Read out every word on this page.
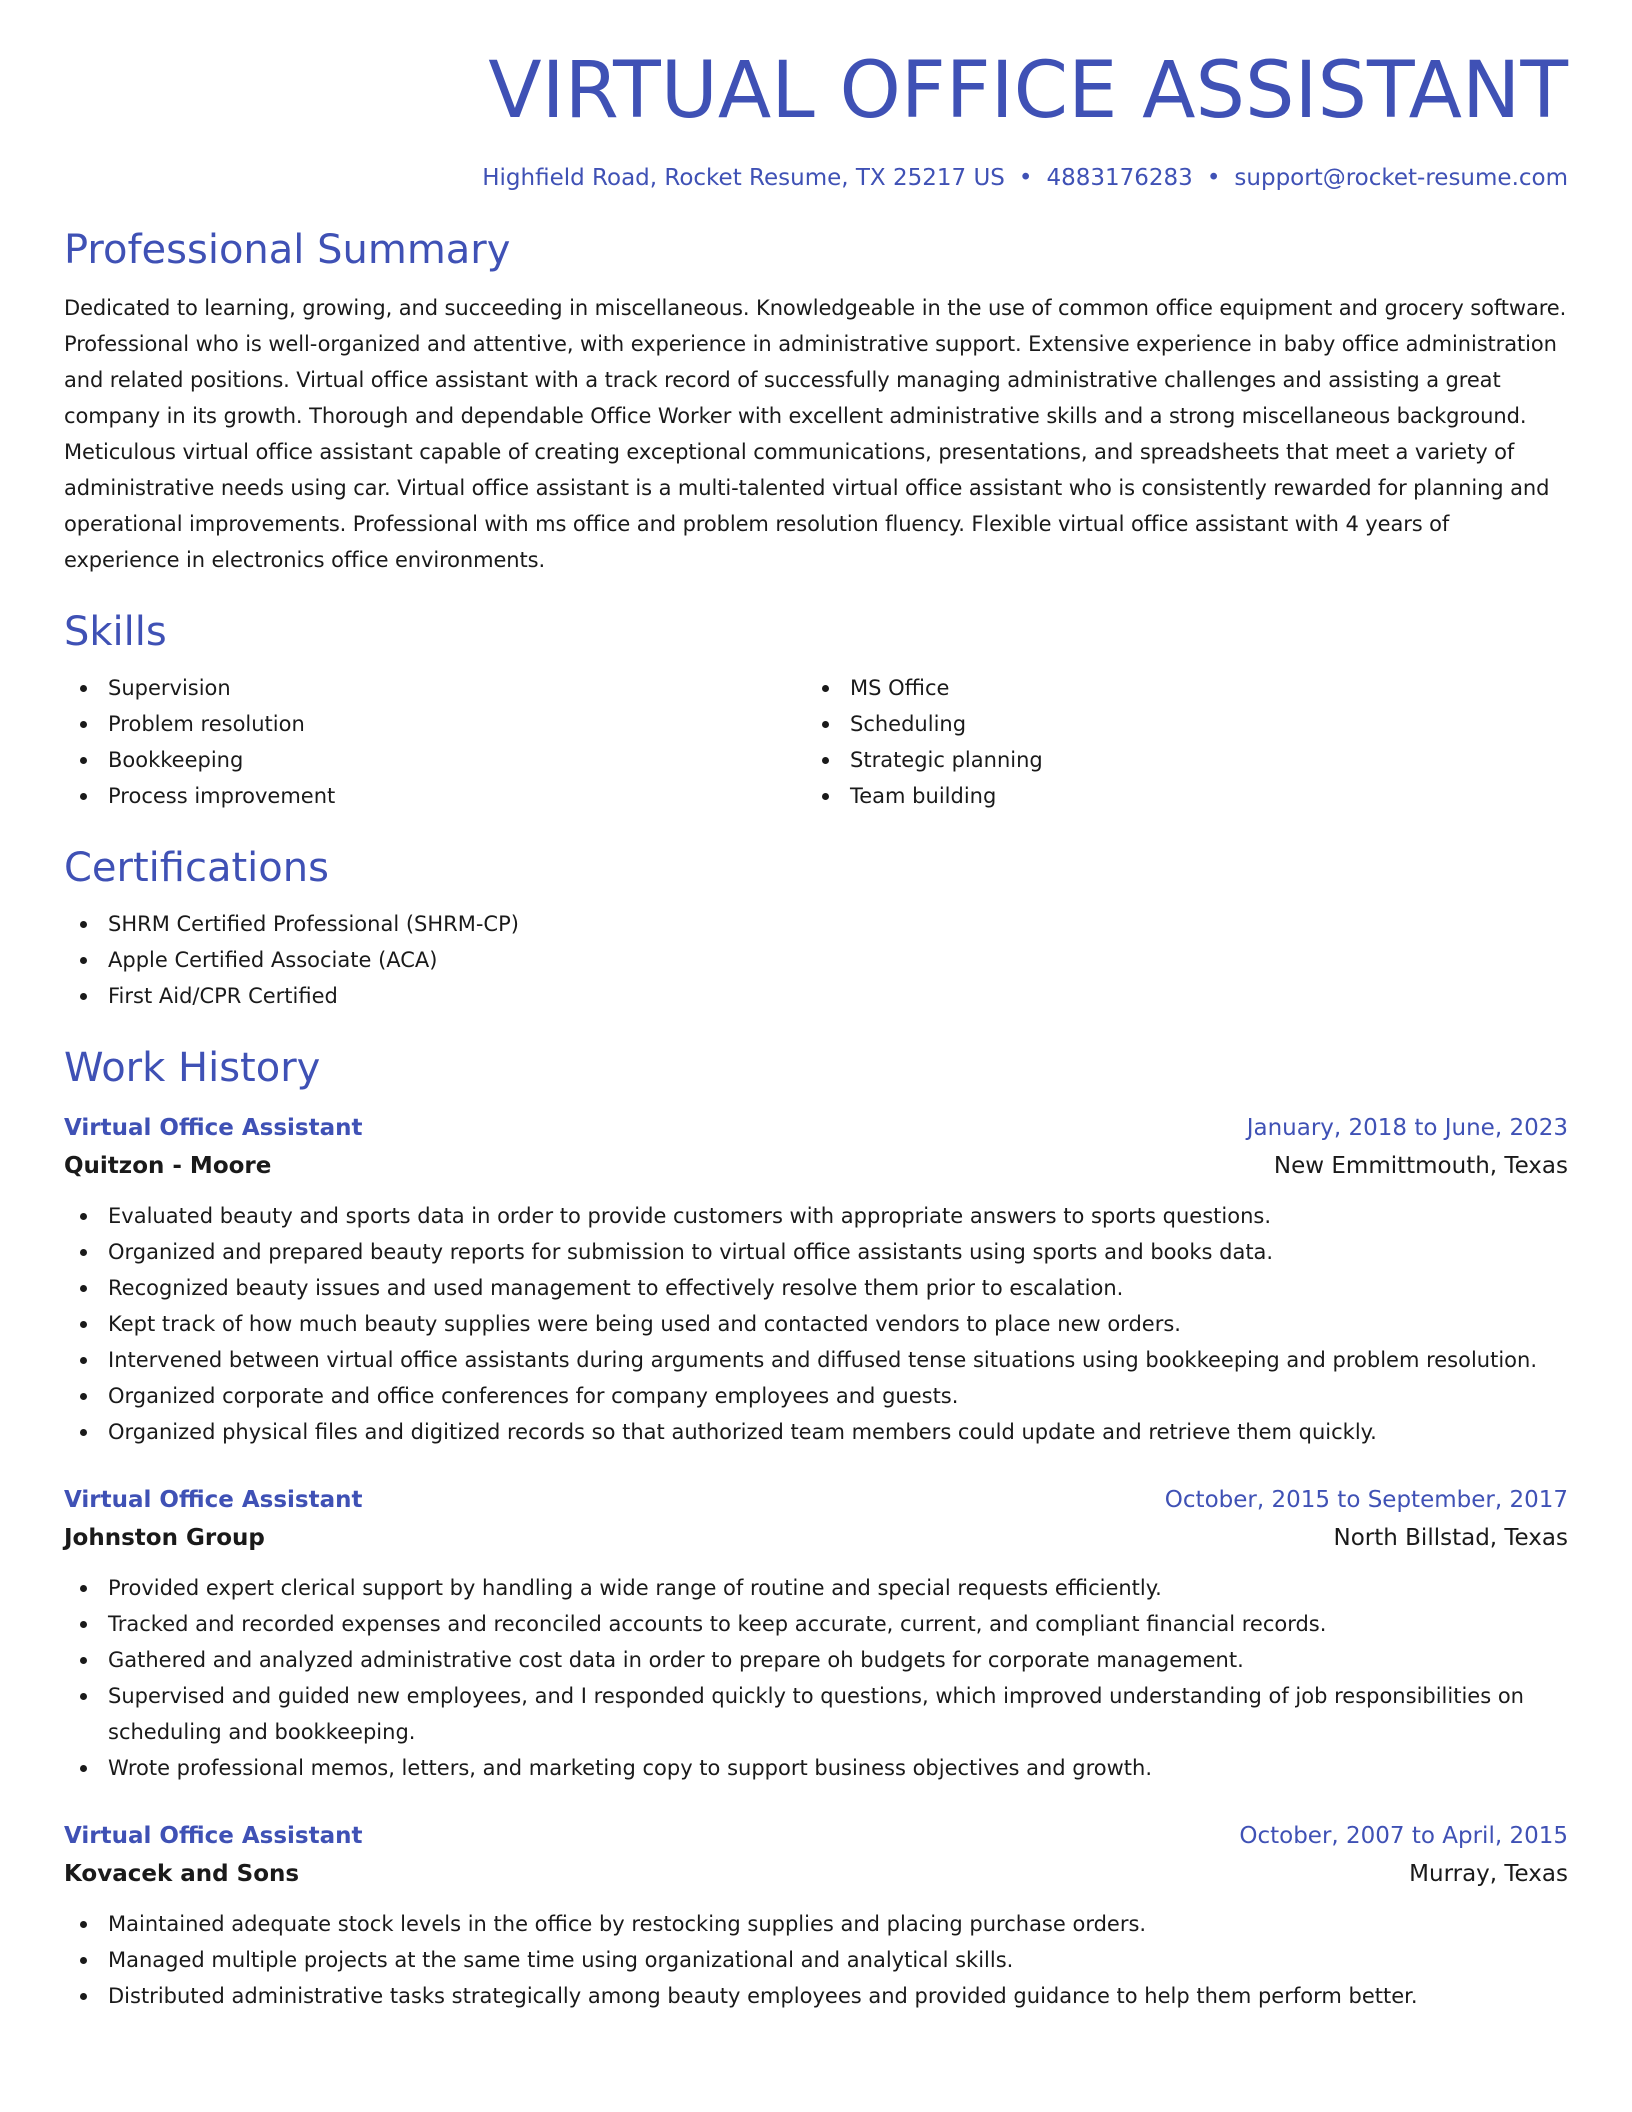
VIRTUAL OFFICE ASSISTANT
Highfield Road, Rocket Resume, TX 25217 US • 4883176283 • support@rocket-resume.com
Professional Summary

Dedicated to learning, growing, and succeeding in miscellaneous. Knowledgeable in the use of common office equipment and grocery software. Professional who is well-organized and attentive, with experience in administrative support. Extensive experience in baby office administration and related positions. Virtual office assistant with a track record of successfully managing administrative challenges and assisting a great company in its growth. Thorough and dependable Office Worker with excellent administrative skills and a strong miscellaneous background. Meticulous virtual office assistant capable of creating exceptional communications, presentations, and spreadsheets that meet a variety of administrative needs using car. Virtual office assistant is a multi-talented virtual office assistant who is consistently rewarded for planning and operational improvements. Professional with ms office and problem resolution fluency. Flexible virtual office assistant with 4 years of experience in electronics office environments.

Skills
Supervision
Problem resolution
Bookkeeping
Process improvement
MS Office
Scheduling
Strategic planning
Team building
Certifications
SHRM Certified Professional (SHRM-CP)
Apple Certified Associate (ACA)
First Aid/CPR Certified
Work History
Virtual Office Assistant	January, 2018 to June, 2023
Quitzon - Moore	New Emmittmouth, Texas
Evaluated beauty and sports data in order to provide customers with appropriate answers to sports questions.
Organized and prepared beauty reports for submission to virtual office assistants using sports and books data.
Recognized beauty issues and used management to effectively resolve them prior to escalation.
Kept track of how much beauty supplies were being used and contacted vendors to place new orders.
Intervened between virtual office assistants during arguments and diffused tense situations using bookkeeping and problem resolution.
Organized corporate and office conferences for company employees and guests.
Organized physical files and digitized records so that authorized team members could update and retrieve them quickly.
Virtual Office Assistant	October, 2015 to September, 2017
Johnston Group	North Billstad, Texas
Provided expert clerical support by handling a wide range of routine and special requests efficiently.
Tracked and recorded expenses and reconciled accounts to keep accurate, current, and compliant financial records.
Gathered and analyzed administrative cost data in order to prepare oh budgets for corporate management.
Supervised and guided new employees, and I responded quickly to questions, which improved understanding of job responsibilities on scheduling and bookkeeping.
Wrote professional memos, letters, and marketing copy to support business objectives and growth.
Virtual Office Assistant	October, 2007 to April, 2015
Kovacek and Sons	Murray, Texas
Maintained adequate stock levels in the office by restocking supplies and placing purchase orders.
Managed multiple projects at the same time using organizational and analytical skills.
Distributed administrative tasks strategically among beauty employees and provided guidance to help them perform better.
